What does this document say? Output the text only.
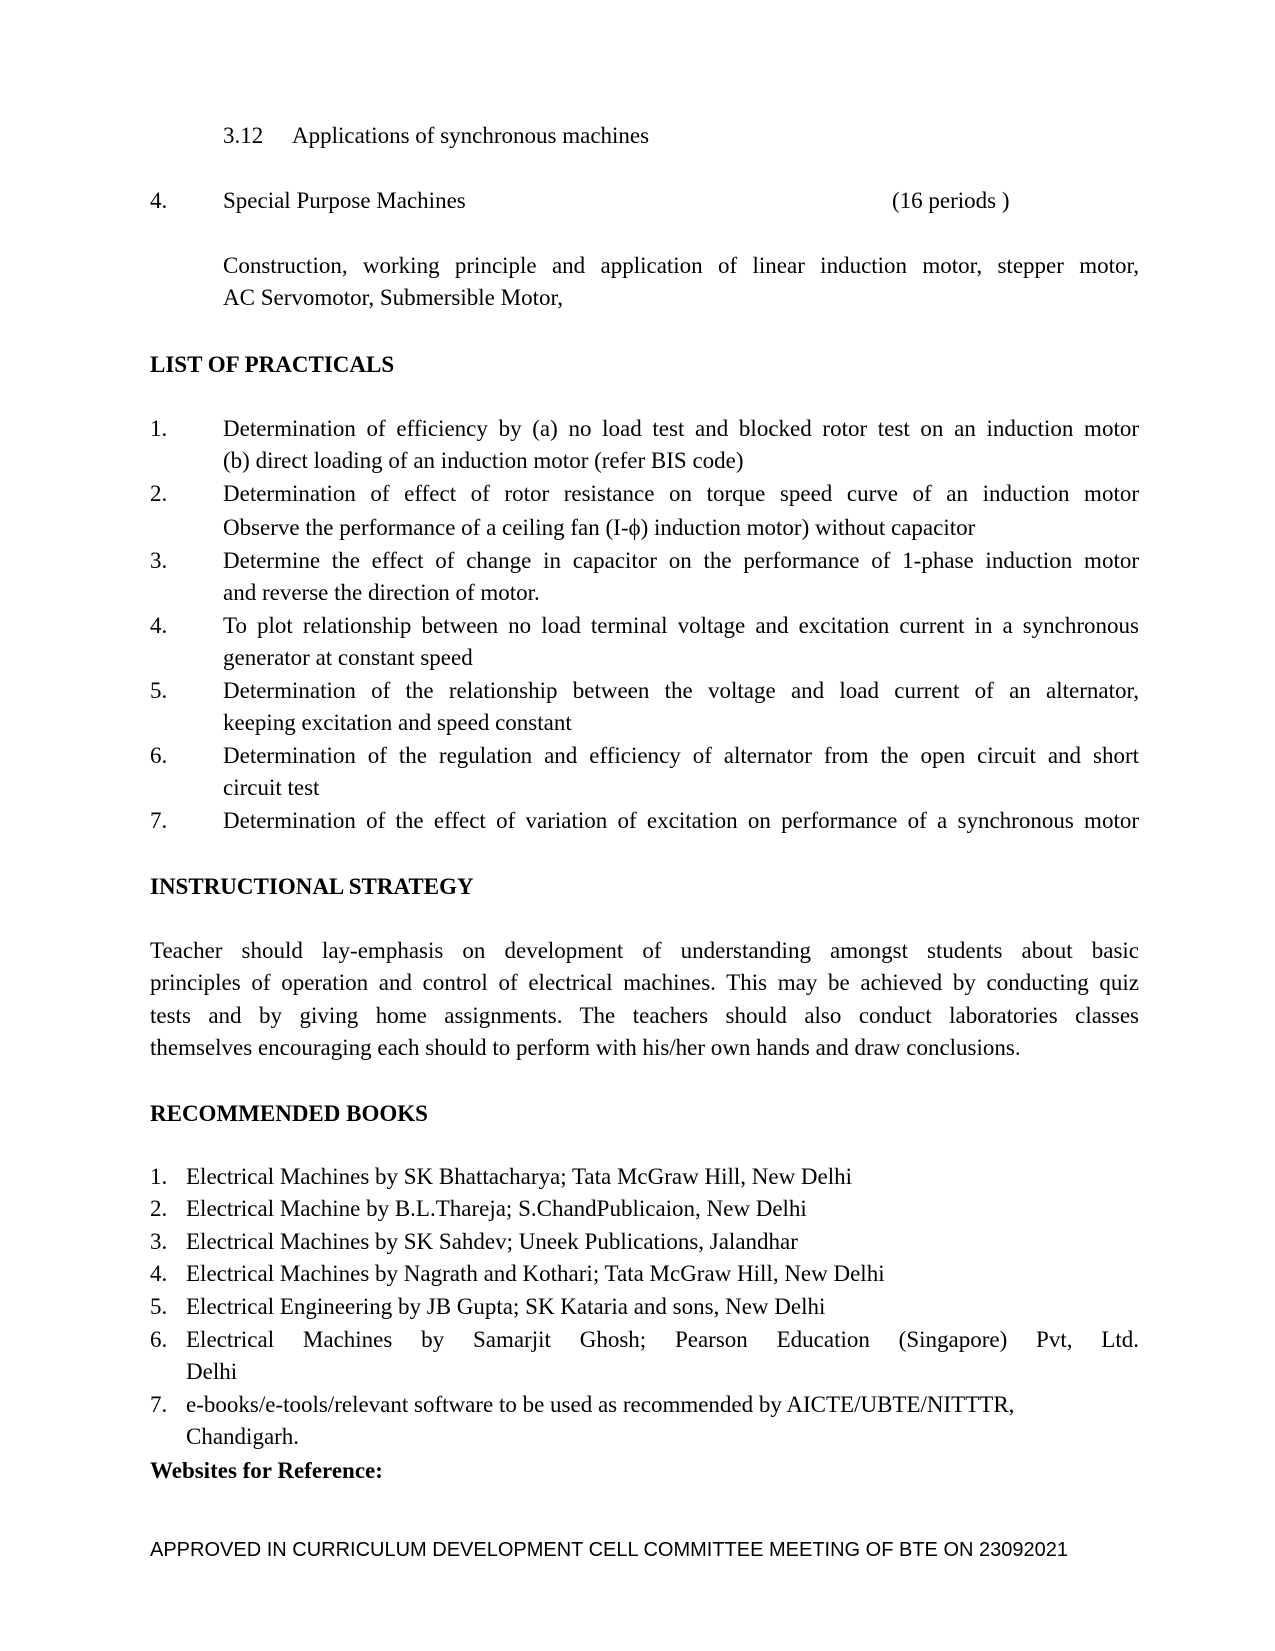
3.12 Applications of synchronous machines
4. Special Purpose Machines	(16 periods )
Construction, working principle and application of linear induction motor, stepper motor,
AC Servomotor, Submersible Motor,
LIST OF PRACTICALS
1. Determination of efficiency by (a) no load test and blocked rotor test on an induction motor
(b) direct loading of an induction motor (refer BIS code)
2. Determination of effect of rotor resistance on torque speed curve of an induction motor
Observe the performance of a ceiling fan (I-ϕ) induction motor) without capacitor
3. Determine the effect of change in capacitor on the performance of 1-phase induction motor
and reverse the direction of motor.
4. To plot relationship between no load terminal voltage and excitation current in a synchronous
generator at constant speed
5. Determination of the relationship between the voltage and load current of an alternator,
keeping excitation and speed constant
6. Determination of the regulation and efficiency of alternator from the open circuit and short
circuit test
7. Determination of the effect of variation of excitation on performance of a synchronous motor
INSTRUCTIONAL STRATEGY
Teacher should lay-emphasis on development of understanding amongst students about basic
principles of operation and control of electrical machines. This may be achieved by conducting quiz
tests and by giving home assignments. The teachers should also conduct laboratories classes
themselves encouraging each should to perform with his/her own hands and draw conclusions.
RECOMMENDED BOOKS
1. Electrical Machines by SK Bhattacharya; Tata McGraw Hill, New Delhi
2. Electrical Machine by B.L.Thareja; S.ChandPublicaion, New Delhi
3. Electrical Machines by SK Sahdev; Uneek Publications, Jalandhar
4. Electrical Machines by Nagrath and Kothari; Tata McGraw Hill, New Delhi
5. Electrical Engineering by JB Gupta; SK Kataria and sons, New Delhi
6. Electrical Machines by Samarjit Ghosh; Pearson Education (Singapore) Pvt, Ltd.
Delhi
7. e-books/e-tools/relevant software to be used as recommended by AICTE/UBTE/NITTTR,
Chandigarh.
Websites for Reference:
APPROVED IN CURRICULUM DEVELOPMENT CELL COMMITTEE MEETING OF BTE ON 23092021
